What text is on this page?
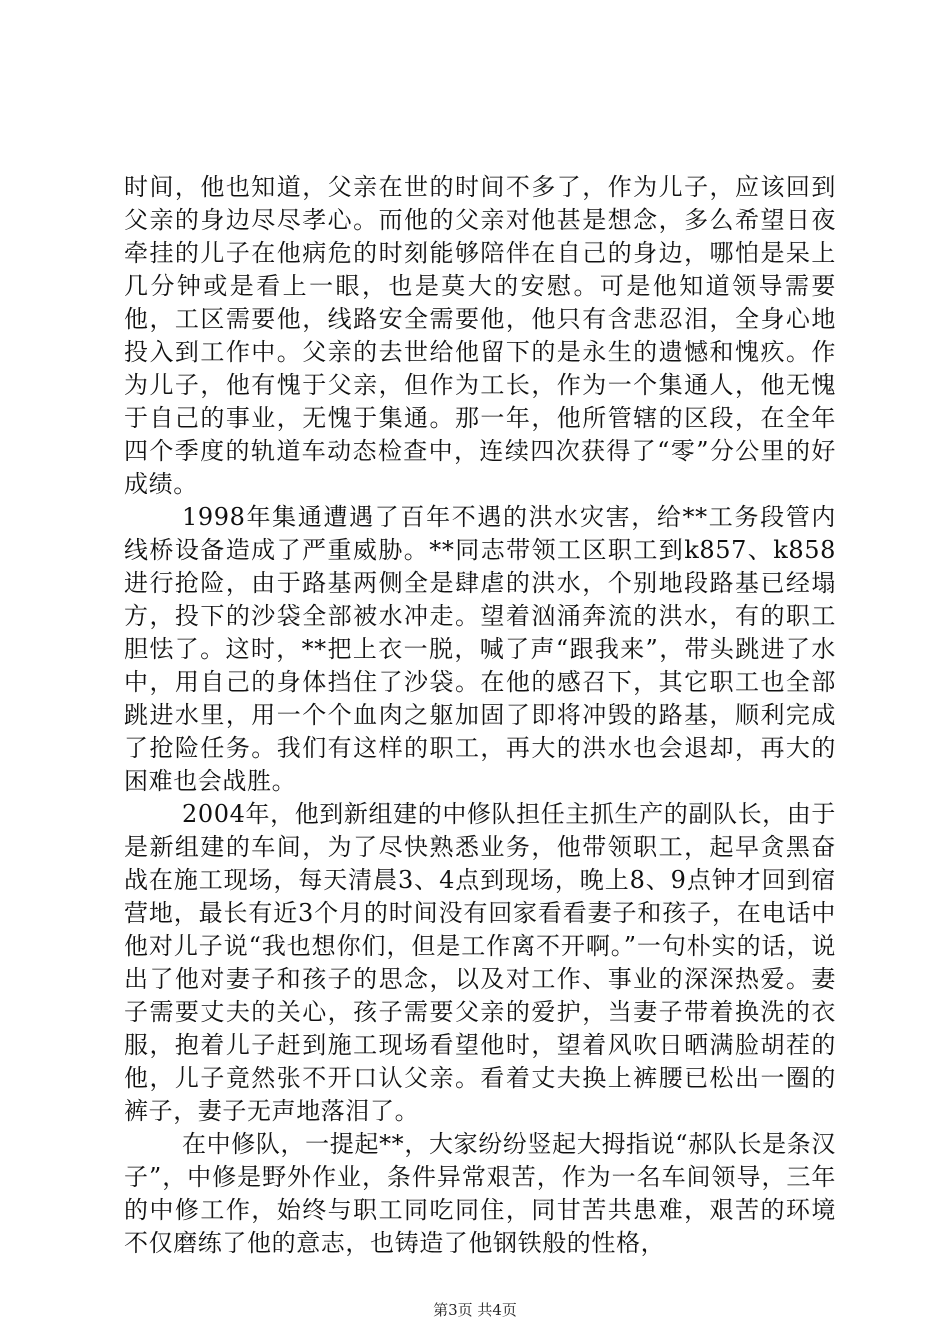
时间，他也知道，父亲在世的时间不多了，作为儿子，应该回到父亲的身边尽尽孝心。而他的父亲对他甚是想念，多么希望日夜牵挂的儿子在他病危的时刻能够陪伴在自己的身边，哪怕是呆上几分钟或是看上一眼，也是莫大的安慰。可是他知道领导需要他，工区需要他，线路安全需要他，他只有含悲忍泪，全身心地投入到工作中。父亲的去世给他留下的是永生的遗憾和愧疚。作为儿子，他有愧于父亲，但作为工长，作为一个集通人，他无愧于自己的事业，无愧于集通。那一年，他所管辖的区段，在全年四个季度的轨道车动态检查中，连续四次获得了“零”分公里的好成绩。

1998年集通遭遇了百年不遇的洪水灾害，给**工务段管内线桥设备造成了严重威胁。**同志带领工区职工到k857、k858进行抢险，由于路基两侧全是肆虐的洪水，个别地段路基已经塌方，投下的沙袋全部被水冲走。望着汹涌奔流的洪水，有的职工胆怯了。这时，**把上衣一脱，喊了声“跟我来”，带头跳进了水中，用自己的身体挡住了沙袋。在他的感召下，其它职工也全部跳进水里，用一个个血肉之躯加固了即将冲毁的路基，顺利完成了抢险任务。我们有这样的职工，再大的洪水也会退却，再大的困难也会战胜。

2004年，他到新组建的中修队担任主抓生产的副队长，由于是新组建的车间，为了尽快熟悉业务，他带领职工，起早贪黑奋战在施工现场，每天清晨3、4点到现场，晚上8、9点钟才回到宿营地，最长有近3个月的时间没有回家看看妻子和孩子，在电话中他对儿子说“我也想你们，但是工作离不开啊。”一句朴实的话，说出了他对妻子和孩子的思念，以及对工作、事业的深深热爱。妻子需要丈夫的关心，孩子需要父亲的爱护，当妻子带着换洗的衣服，抱着儿子赶到施工现场看望他时，望着风吹日晒满脸胡茬的他，儿子竟然张不开口认父亲。看着丈夫换上裤腰已松出一圈的裤子，妻子无声地落泪了。

在中修队，一提起**，大家纷纷竖起大拇指说“郝队长是条汉子”，中修是野外作业，条件异常艰苦，作为一名车间领导，三年的中修工作，始终与职工同吃同住，同甘苦共患难，艰苦的环境不仅磨练了他的意志，也铸造了他钢铁般的性格，

第3页 共4页
